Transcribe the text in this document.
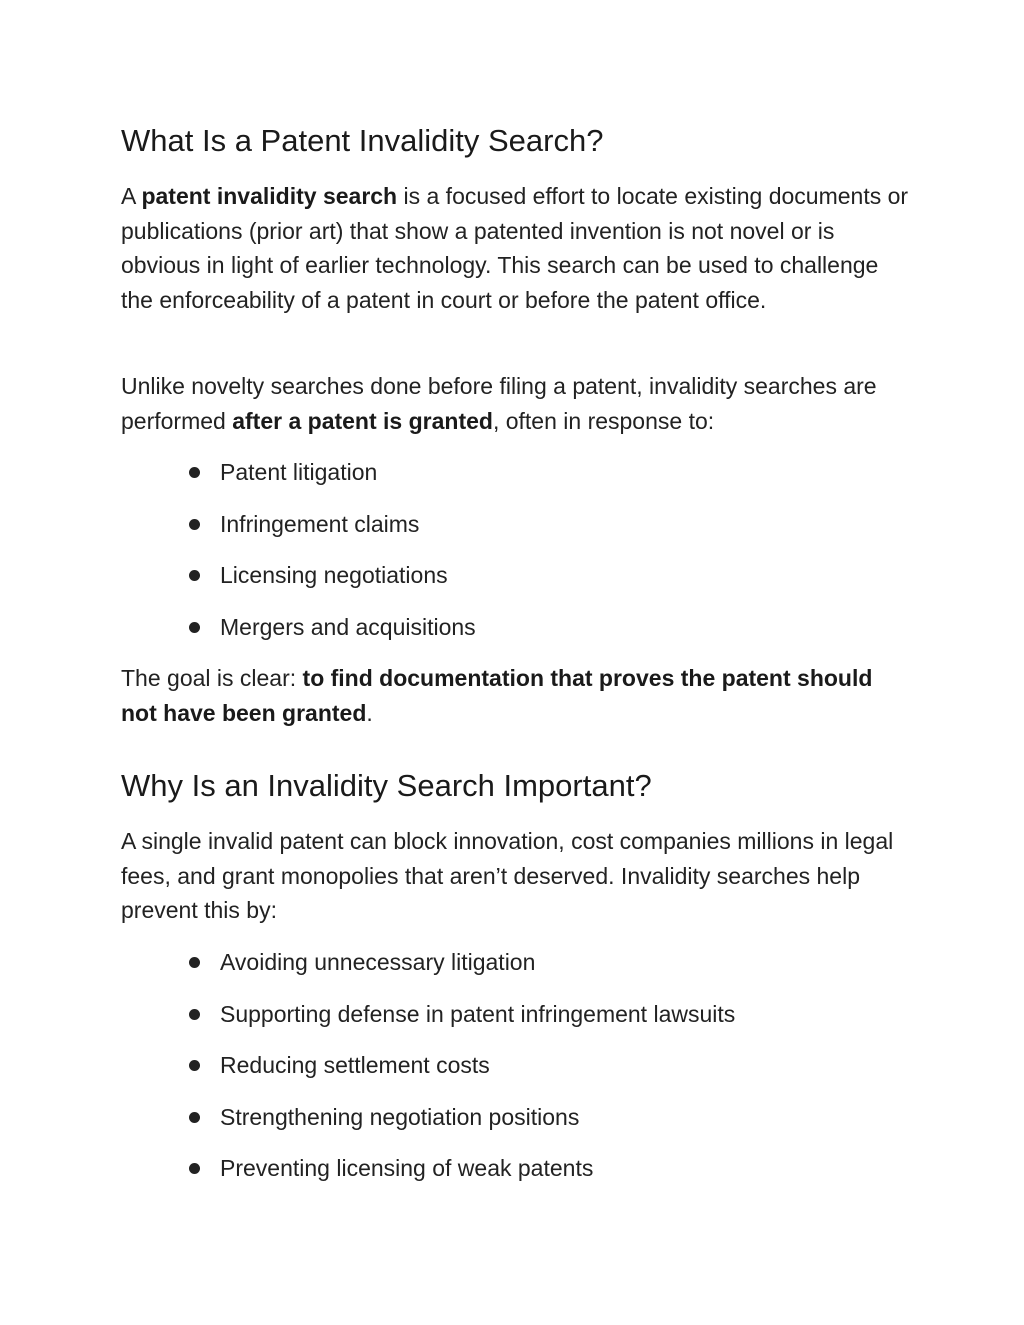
What Is a Patent Invalidity Search?

A patent invalidity search is a focused effort to locate existing documents or publications (prior art) that show a patented invention is not novel or is obvious in light of earlier technology. This search can be used to challenge the enforceability of a patent in court or before the patent office.

Unlike novelty searches done before filing a patent, invalidity searches are performed after a patent is granted, often in response to:

Patent litigation
Infringement claims
Licensing negotiations
Mergers and acquisitions

The goal is clear: to find documentation that proves the patent should not have been granted.

Why Is an Invalidity Search Important?

A single invalid patent can block innovation, cost companies millions in legal fees, and grant monopolies that aren’t deserved. Invalidity searches help prevent this by:

Avoiding unnecessary litigation
Supporting defense in patent infringement lawsuits
Reducing settlement costs
Strengthening negotiation positions
Preventing licensing of weak patents
